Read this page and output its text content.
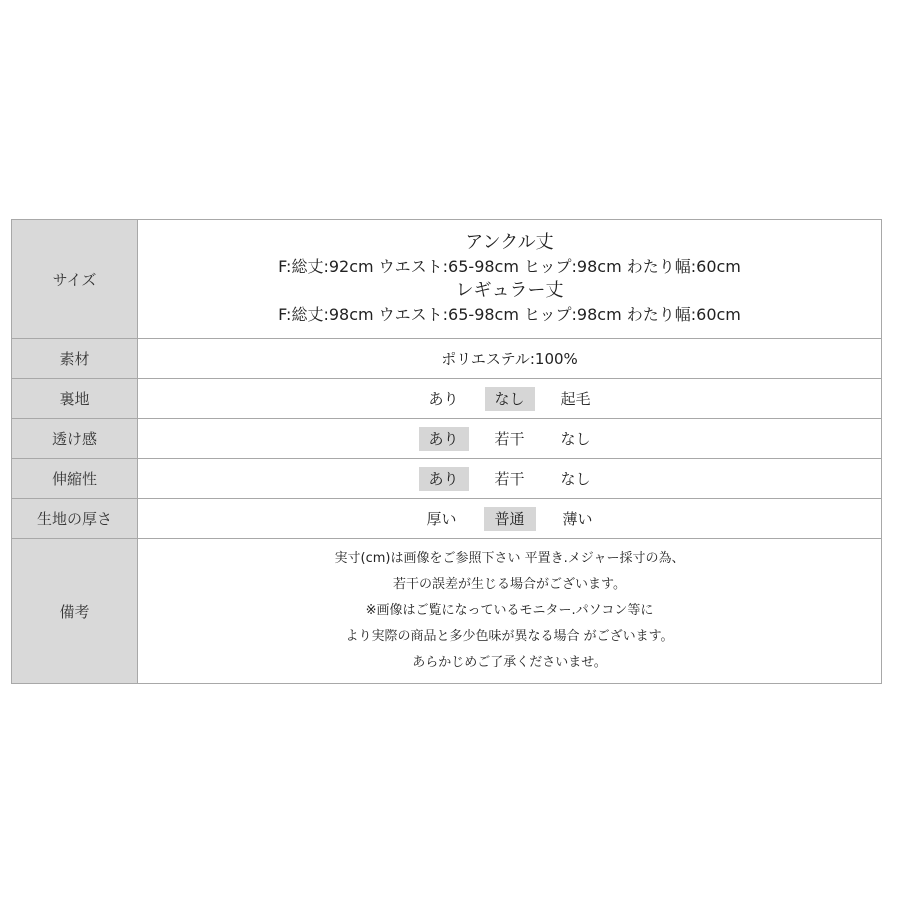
サイズ	アンクル丈
F:総丈:92cm ウエスト:65-98cm ヒップ:98cm わたり幅:60cm
レギュラー丈
F:総丈:98cm ウエスト:65-98cm ヒップ:98cm わたり幅:60cm

素材	ポリエステル:100%
裏地	あり なし 起毛

透け感	あり 若干 なし

伸縮性	あり 若干 なし

生地の厚さ	厚い 普通 薄い

備考	実寸(cm)は画像をご参照下さい 平置き.メジャー採寸の為、
若干の誤差が生じる場合がございます。
※画像はご覧になっているモニター.パソコン等に
より実際の商品と多少色味が異なる場合 がございます。
あらかじめご了承くださいませ。
